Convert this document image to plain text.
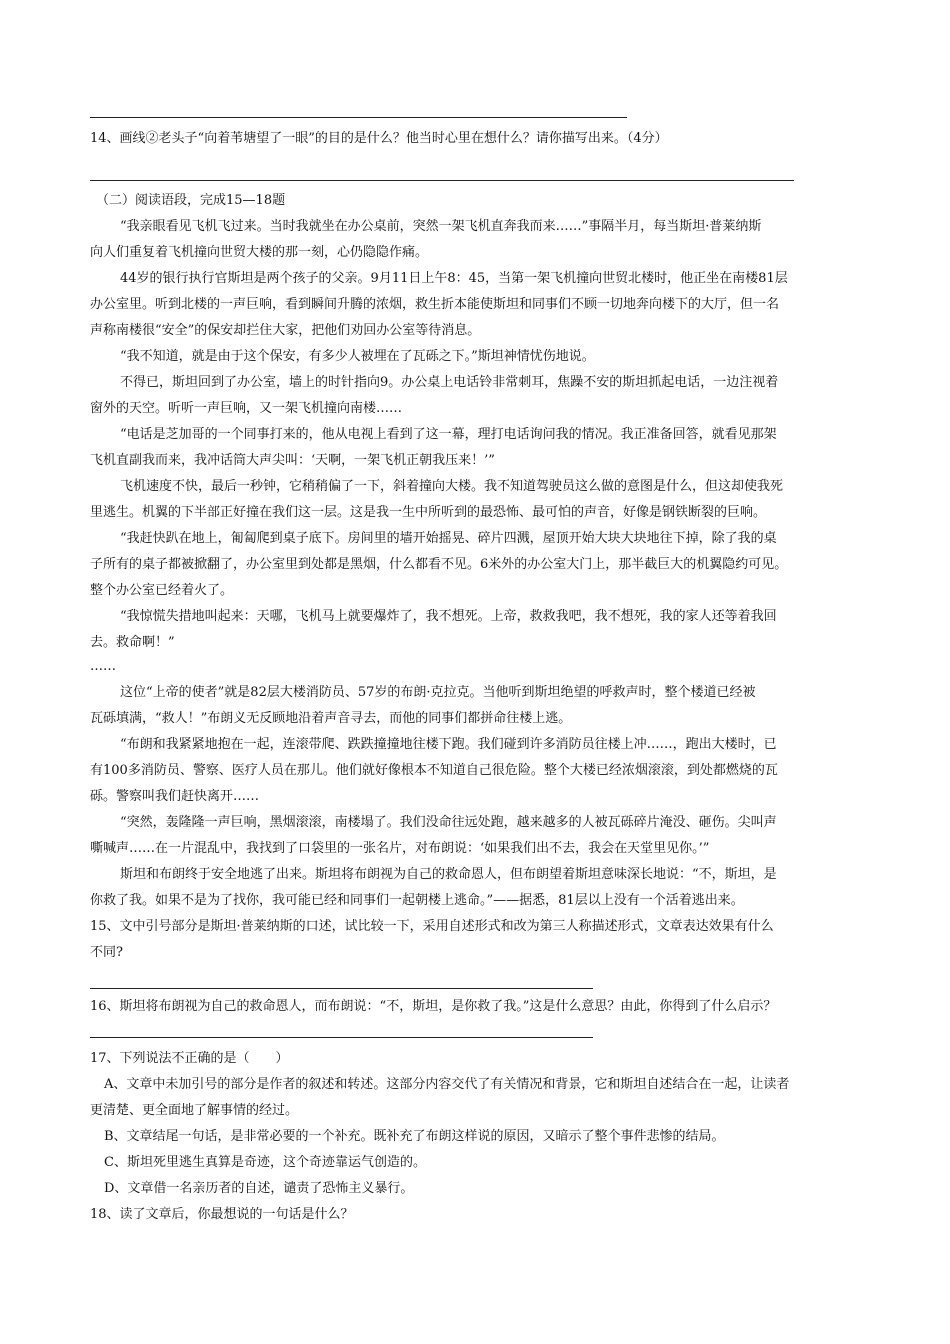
14、画线②老头子“向着苇塘望了一眼”的目的是什么？他当时心里在想什么？请你描写出来。（4分）
（二）阅读语段，完成15—18题
“我亲眼看见飞机飞过来。当时我就坐在办公桌前，突然一架飞机直奔我而来……”事隔半月，每当斯坦·普莱纳斯
向人们重复着飞机撞向世贸大楼的那一刻，心仍隐隐作痛。
44岁的银行执行官斯坦是两个孩子的父亲。9月11日上午8：45，当第一架飞机撞向世贸北楼时，他正坐在南楼81层
办公室里。听到北楼的一声巨响，看到瞬间升腾的浓烟，救生折本能使斯坦和同事们不顾一切地奔向楼下的大厅，但一名
声称南楼很“安全”的保安却拦住大家，把他们劝回办公室等待消息。
“我不知道，就是由于这个保安，有多少人被埋在了瓦砾之下。”斯坦神情忧伤地说。
不得已，斯坦回到了办公室，墙上的时针指向9。办公桌上电话铃非常刺耳，焦躁不安的斯坦抓起电话，一边注视着
窗外的天空。听听一声巨响，又一架飞机撞向南楼……
“电话是芝加哥的一个同事打来的，他从电视上看到了这一幕，理打电话询问我的情况。我正准备回答，就看见那架
飞机直副我而来，我冲话筒大声尖叫：‘天啊，一架飞机正朝我压来！’”
飞机速度不快，最后一秒钟，它稍稍偏了一下，斜着撞向大楼。我不知道驾驶员这么做的意图是什么，但这却使我死
里逃生。机翼的下半部正好撞在我们这一层。这是我一生中所听到的最恐怖、最可怕的声音，好像是钢铁断裂的巨响。
“我赶快趴在地上，匍匐爬到桌子底下。房间里的墙开始摇晃、碎片四溅，屋顶开始大块大块地往下掉，除了我的桌
子所有的桌子都被掀翻了，办公室里到处都是黑烟，什么都看不见。6米外的办公室大门上，那半截巨大的机翼隐约可见。
整个办公室已经着火了。
“我惊慌失措地叫起来：天哪，飞机马上就要爆炸了，我不想死。上帝，救救我吧，我不想死，我的家人还等着我回
去。救命啊！”
……
这位“上帝的使者”就是82层大楼消防员、57岁的布朗·克拉克。当他听到斯坦绝望的呼救声时，整个楼道已经被
瓦砾填满，“救人！”布朗义无反顾地沿着声音寻去，而他的同事们都拼命往楼上逃。
“布朗和我紧紧地抱在一起，连滚带爬、跌跌撞撞地往楼下跑。我们碰到许多消防员往楼上冲……，跑出大楼时，已
有100多消防员、警察、医疗人员在那儿。他们就好像根本不知道自己很危险。整个大楼已经浓烟滚滚，到处都燃烧的瓦
砾。警察叫我们赶快离开……
“突然，轰隆隆一声巨响，黑烟滚滚，南楼塌了。我们没命往远处跑，越来越多的人被瓦砾碎片淹没、砸伤。尖叫声
嘶喊声……在一片混乱中，我找到了口袋里的一张名片，对布朗说：‘如果我们出不去，我会在天堂里见你。’”
斯坦和布朗终于安全地逃了出来。斯坦将布朗视为自己的救命恩人，但布朗望着斯坦意味深长地说：“不，斯坦，是
你救了我。如果不是为了找你，我可能已经和同事们一起朝楼上逃命。”——据悉，81层以上没有一个活着逃出来。
15、文中引号部分是斯坦·普莱纳斯的口述，试比较一下，采用自述形式和改为第三人称描述形式，文章表达效果有什么
不同?
16、斯坦将布朗视为自己的救命恩人，而布朗说：“不，斯坦，是你救了我。”这是什么意思？由此，你得到了什么启示？
17、下列说法不正确的是（　　）
A、文章中未加引号的部分是作者的叙述和转述。这部分内容交代了有关情况和背景，它和斯坦自述结合在一起，让读者
更清楚、更全面地了解事情的经过。
B、文章结尾一句话，是非常必要的一个补充。既补充了布朗这样说的原因，又暗示了整个事件悲惨的结局。
C、斯坦死里逃生真算是奇迹，这个奇迹靠运气创造的。
D、文章借一名亲历者的自述，谴责了恐怖主义暴行。
18、读了文章后，你最想说的一句话是什么？
